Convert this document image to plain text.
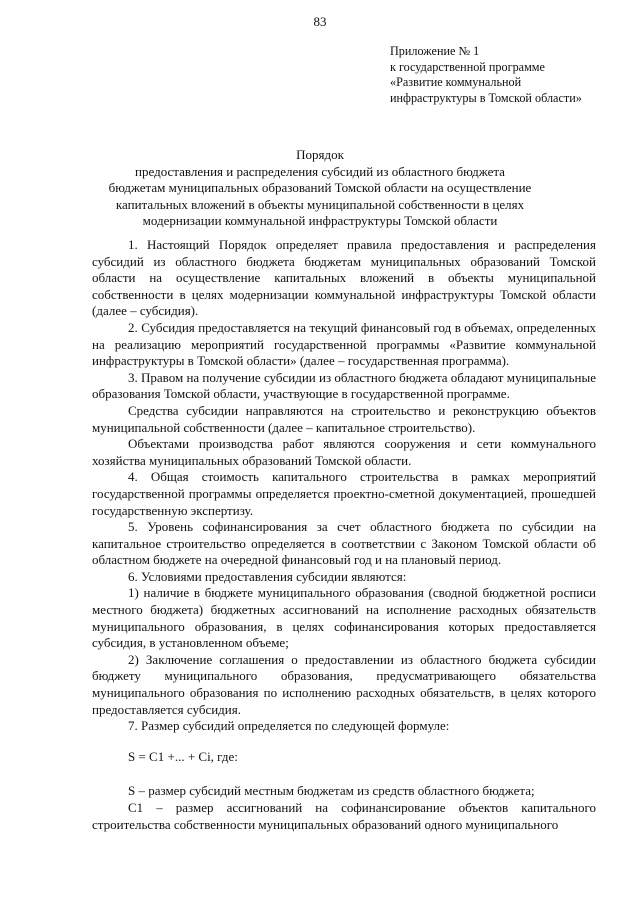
83
Приложение № 1
к государственной программе
«Развитие коммунальной
инфраструктуры в Томской области»
Порядок
предоставления и распределения субсидий из областного бюджета
бюджетам муниципальных образований Томской области на осуществление
капитальных вложений в объекты муниципальной собственности в целях
модернизации коммунальной инфраструктуры Томской области

1. Настоящий Порядок определяет правила предоставления и распределения субсидий из областного бюджета бюджетам муниципальных образований Томской области на осуществление капитальных вложений в объекты муниципальной собственности в целях модернизации коммунальной инфраструктуры Томской области (далее – субсидия).

2. Субсидия предоставляется на текущий финансовый год в объемах, определенных на реализацию мероприятий государственной программы «Развитие коммунальной инфраструктуры в Томской области» (далее – государственная программа).

3. Правом на получение субсидии из областного бюджета обладают муниципальные образования Томской области, участвующие в государственной программе.

Средства субсидии направляются на строительство и реконструкцию объектов муниципальной собственности (далее – капитальное строительство).

Объектами производства работ являются сооружения и сети коммунального хозяйства муниципальных образований Томской области.

4. Общая стоимость капитального строительства в рамках мероприятий государственной программы определяется проектно-сметной документацией, прошедшей государственную экспертизу.

5. Уровень софинансирования за счет областного бюджета по субсидии на капитальное строительство определяется в соответствии с Законом Томской области об областном бюджете на очередной финансовый год и на плановый период.

6. Условиями предоставления субсидии являются:

1) наличие в бюджете муниципального образования (сводной бюджетной росписи местного бюджета) бюджетных ассигнований на исполнение расходных обязательств муниципального образования, в целях софинансирования которых предоставляется субсидия, в установленном объеме;

2) Заключение соглашения о предоставлении из областного бюджета субсидии бюджету муниципального образования, предусматривающего обязательства муниципального образования по исполнению расходных обязательств, в целях которого предоставляется субсидия.

7. Размер субсидий определяется по следующей формуле:

S = C1 +... + Ci, где:

S – размер субсидий местным бюджетам из средств областного бюджета;

C1 – размер ассигнований на софинансирование объектов капитального строительства собственности муниципальных образований одного муниципального
